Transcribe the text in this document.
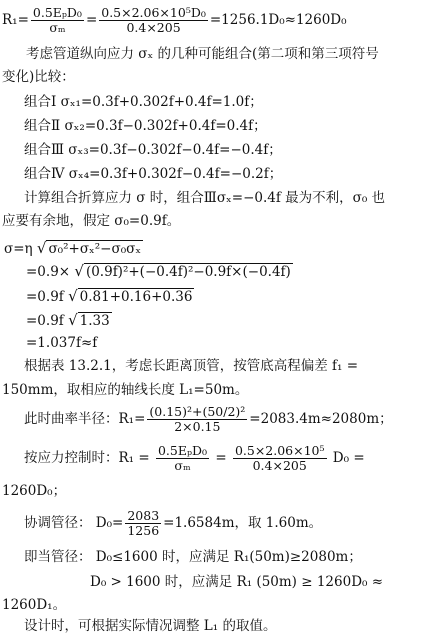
$R_1= \frac{\text{0.5EₚD₀}}{\text{σₘ}} = \frac{\text{0.5×2.06×10⁵D₀}}{0.4\times 205} =1256.1D_0\approx 1260D_0$
考虑管道纵向应力 σₓ 的几种可能组合(第二项和第三项符号
变化)比较：
组合Ⅰ σₓ₁=0.3f+0.302f+0.4f=1.0f；
组合Ⅱ σₓ₂=0.3f−0.302f+0.4f=0.4f；
组合Ⅲ σₓ₃=0.3f−0.302f−0.4f=−0.4f；
组合Ⅳ σₓ₄=0.3f+0.302f−0.4f=−0.2f；
计算组合折算应力 σ 时，组合Ⅲσₓ=−0.4f 最为不利，σ₀ 也
应要有余地，假定 σ₀=0.9f。
σ=η √ σ₀²+σₓ²−σ₀σₓ
=0.9× √ (0.9f)²+(−0.4f)²−0.9f×(−0.4f)
=0.9f √ 0.81+0.16+0.36
=0.9f √ 1.33
=1.037f≈f
根据表 13.2.1，考虑长距离顶管，按管底高程偏差 f₁ =
150mm，取相应的轴线长度 L₁=50m。
此时曲率半径：$R_1= \frac{\text{(0.15)²+(50/2)²}}{2\times 0.15} =2083.4m\approx 2080m$；
按应力控制时：$R_1 = \frac{\text{0.5EₚD₀}}{\text{σₘ}} = \frac{\text{0.5×2.06×10⁵}}{0.4\times 205} D_0$ =
1260D₀；
协调管径： $D_0= \frac{2083}{1256} =1.6584m$，取 1.60m。
即当管径： D₀≤1600 时，应满足 R₁(50m)≥2080m；
D₀ > 1600 时，应满足 R₁ (50m) ≥ 1260D₀ ≈
1260D₁。
设计时，可根据实际情况调整 L₁ 的取值。
